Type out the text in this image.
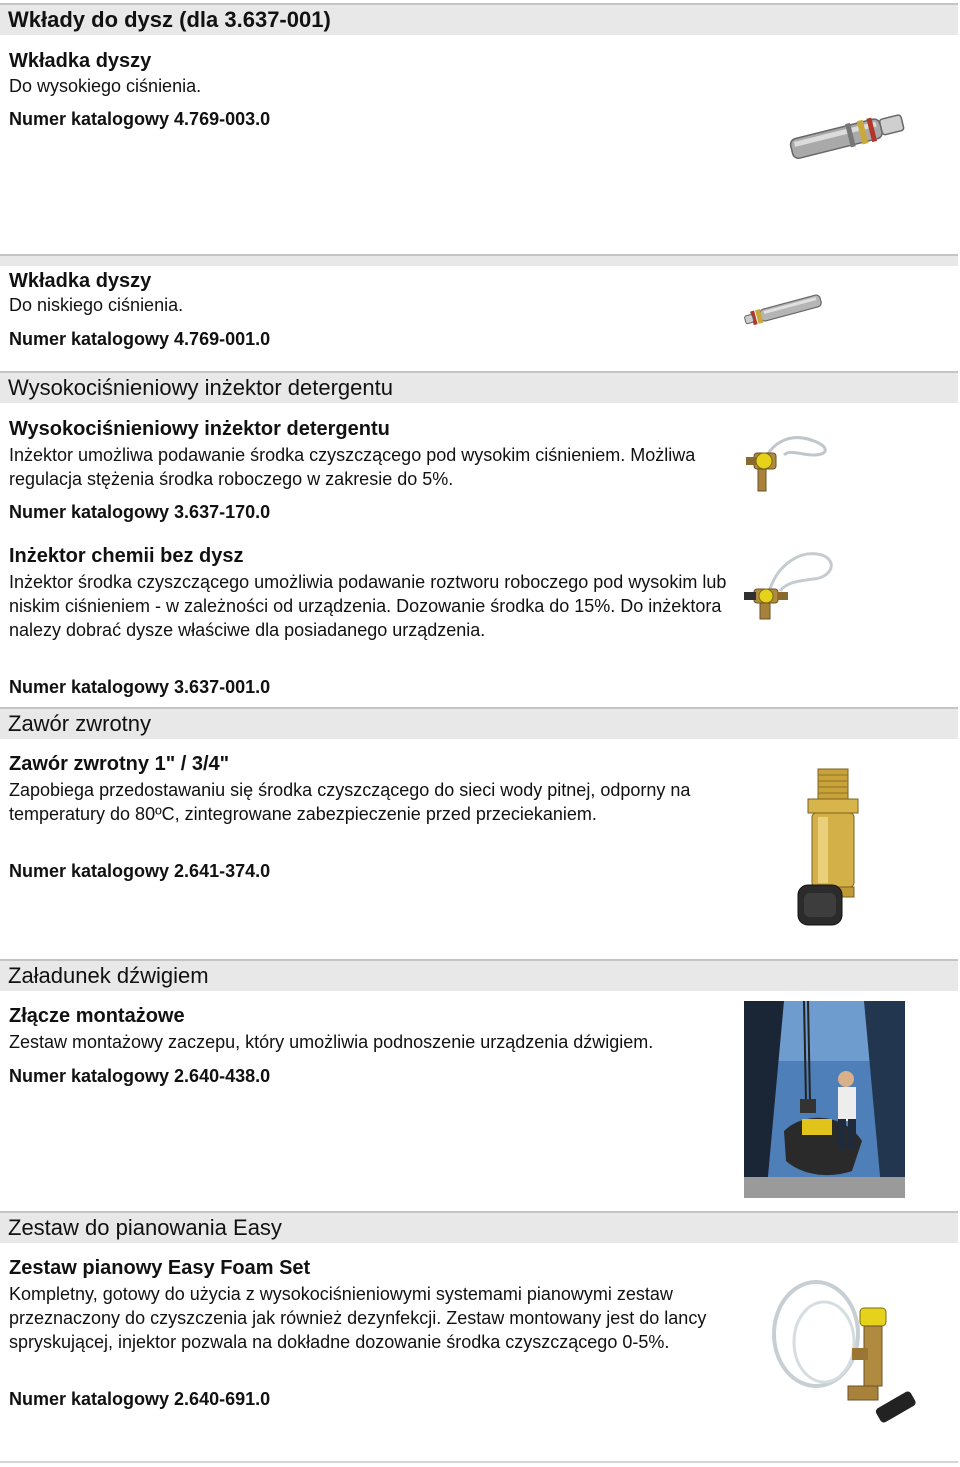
Wkłady do dysz (dla 3.637-001)

Wkładka dyszy

Do wysokiego ciśnienia.

Numer katalogowy 4.769-003.0

Wkładka dyszy

Do niskiego ciśnienia.

Numer katalogowy 4.769-001.0

Wysokociśnieniowy inżektor detergentu

Wysokociśnieniowy inżektor detergentu

Inżektor umożliwa podawanie środka czyszczącego pod wysokim ciśnieniem. Możliwa regulacja stężenia środka roboczego w zakresie do 5%.

Numer katalogowy 3.637-170.0

Inżektor chemii bez dysz

Inżektor środka czyszczącego umożliwia podawanie roztworu roboczego pod wysokim lub niskim ciśnieniem - w zależności od urządzenia. Dozowanie środka do 15%. Do inżektora nalezy dobrać dysze właściwe dla posiadanego urządzenia.

Numer katalogowy 3.637-001.0

Zawór zwrotny

Zawór zwrotny 1" / 3/4"

Zapobiega przedostawaniu się środka czyszczącego do sieci wody pitnej, odporny na temperatury do 80ºC, zintegrowane zabezpieczenie przed przeciekaniem.

Numer katalogowy 2.641-374.0

Załadunek dźwigiem

Złącze montażowe

Zestaw montażowy zaczepu, który umożliwia podnoszenie urządzenia dźwigiem.

Numer katalogowy 2.640-438.0

Zestaw do pianowania Easy

Zestaw pianowy Easy Foam Set

Kompletny, gotowy do użycia z wysokociśnieniowymi systemami pianowymi zestaw przeznaczony do czyszczenia jak również dezynfekcji. Zestaw montowany jest do lancy spryskującej, injektor pozwala na dokładne dozowanie środka czyszczącego 0-5%.

Numer katalogowy 2.640-691.0
